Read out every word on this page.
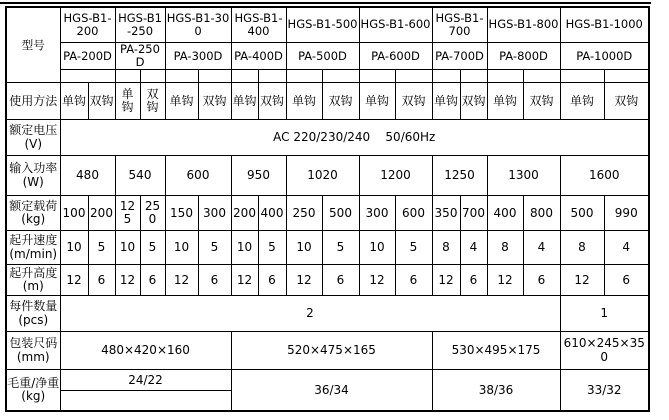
型号	HGS-B1-200		HGS-B1-250		HGS-B1-300		HGS-B1-400		HGS-B1-500		HGS-B1-600		HGS-B1-700		HGS-B1-800		HGS-B1-1000	
	PA-200D		PA-250D		PA-300D		PA-400D		PA-500D		PA-600D		PA-700D		PA-800D		PA-1000D	

使用方法	单钩	双钩	单钩	双钩	单钩	双钩	单钩	双钩	单钩	双钩	单钩	双钩	单钩	双钩	单钩	双钩	单钩	双钩
额定电压
(V)	AC 220/230/240    50/60Hz																	
输入功率
(W)	480		540		600		950		1020		1200		1250		1300		1600	
额定载荷
(kg)	100	200	125	250	150	300	200	400	250	500	300	600	350	700	400	800	500	990
起升速度
(m/min)	10	5	10	5	10	5	10	5	10	5	10	5	8	4	8	4	8	4
起升高度
(m)	12	6	12	6	12	6	12	6	12	6	12	6	12	6	12	6	12	6
每件数量
(pcs)	2																1	
包装尺码
(mm)	480×420×160						520×475×165						530×495×175				610×245×350	
毛重/净重(kg)	24/22						36/34						38/36				33/32	
